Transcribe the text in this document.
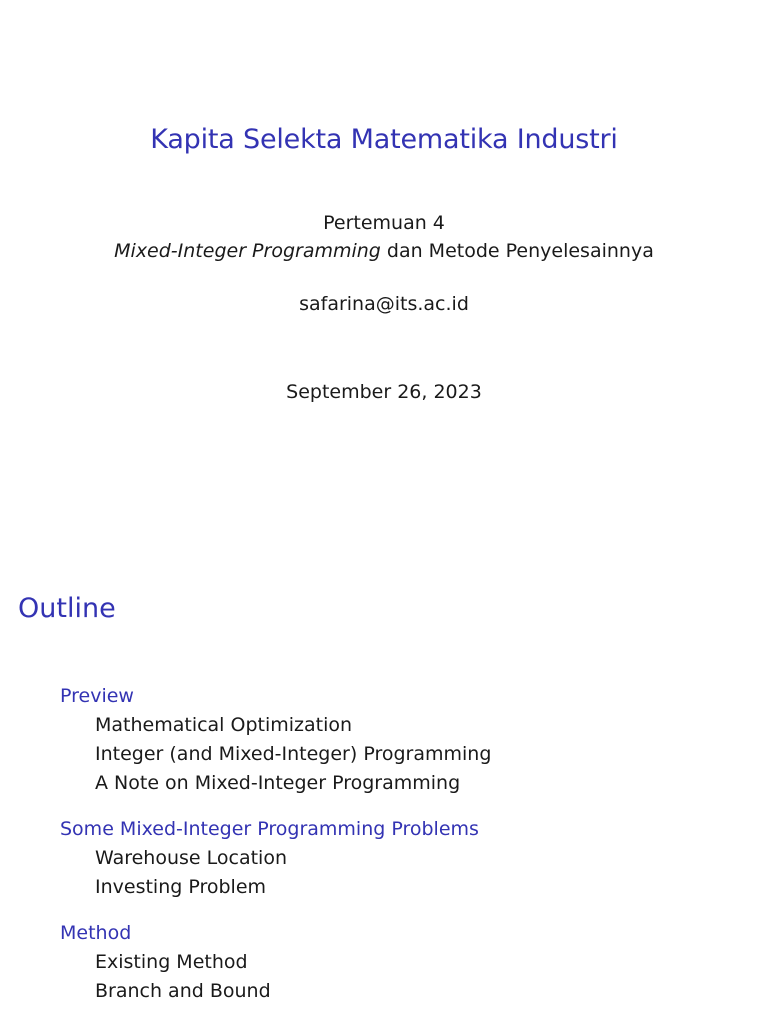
Kapita Selekta Matematika Industri
Pertemuan 4
Mixed-Integer Programming dan Metode Penyelesainnya
safarina@its.ac.id
September 26, 2023
Outline
Preview
Mathematical Optimization
Integer (and Mixed-Integer) Programming
A Note on Mixed-Integer Programming
Some Mixed-Integer Programming Problems
Warehouse Location
Investing Problem
Method
Existing Method
Branch and Bound
